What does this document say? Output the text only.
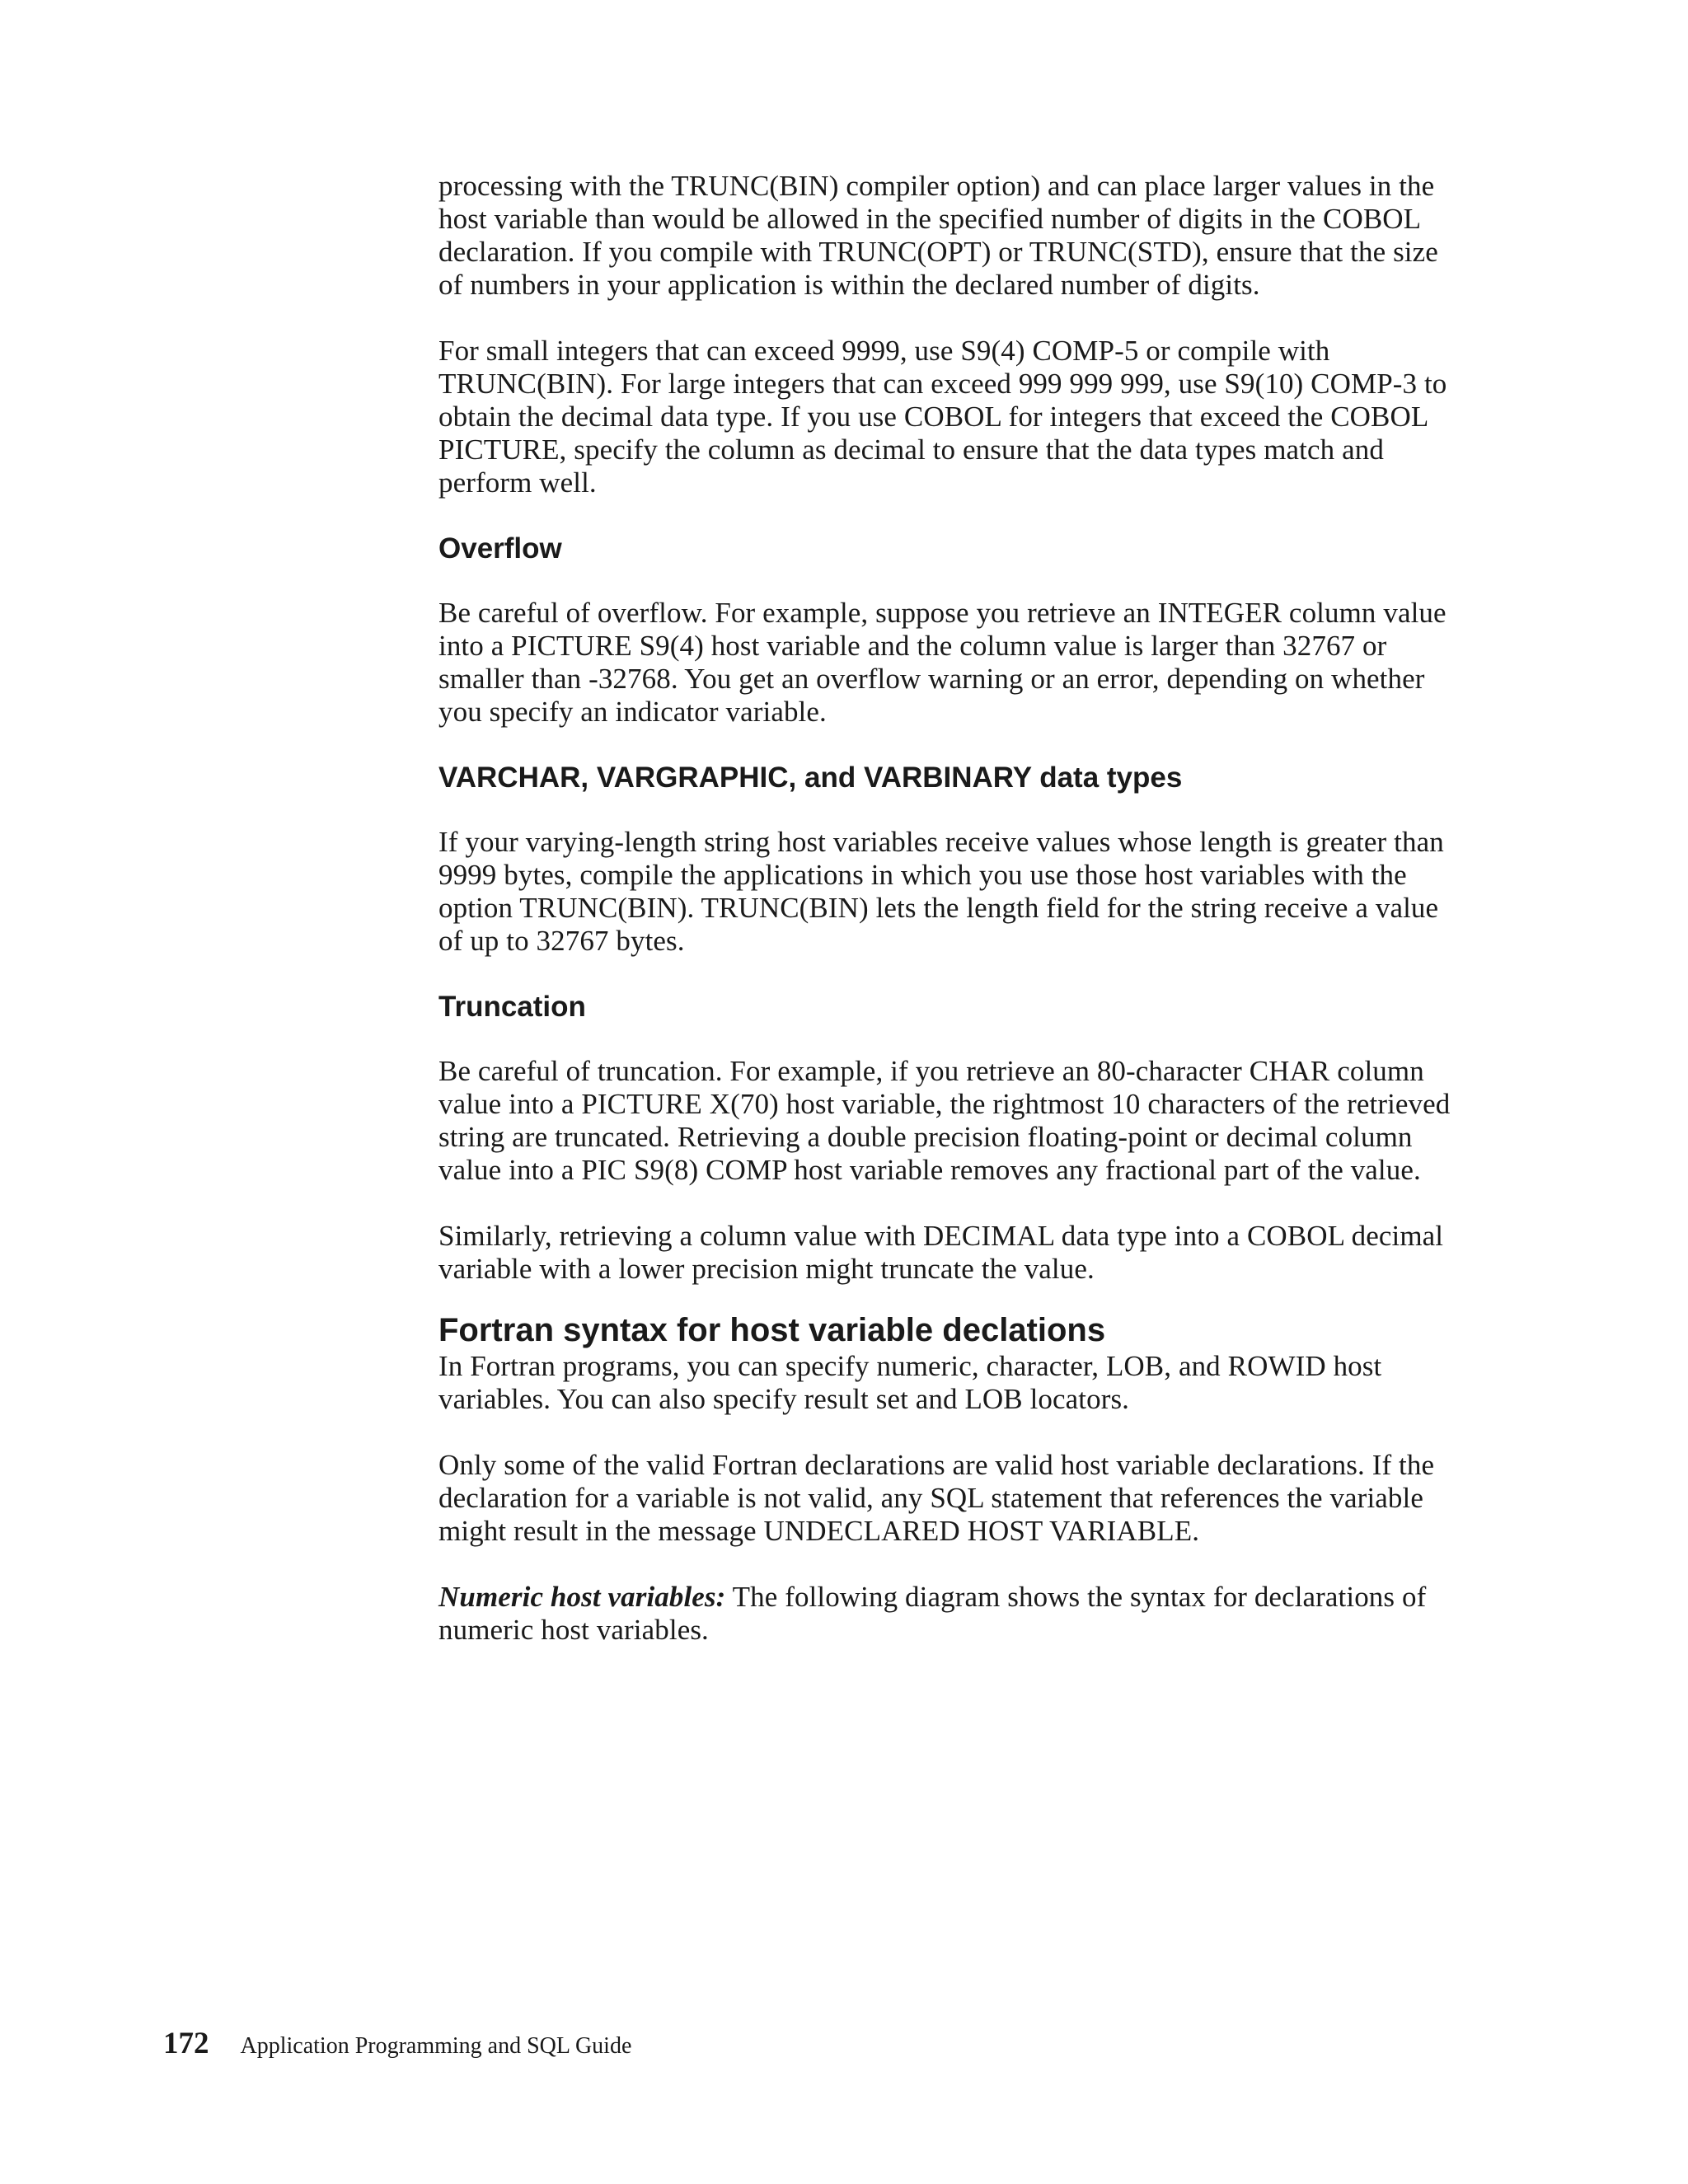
processing with the TRUNC(BIN) compiler option) and can place larger values in the host variable than would be allowed in the specified number of digits in the COBOL declaration. If you compile with TRUNC(OPT) or TRUNC(STD), ensure that the size of numbers in your application is within the declared number of digits.

For small integers that can exceed 9999, use S9(4) COMP-5 or compile with TRUNC(BIN). For large integers that can exceed 999 999 999, use S9(10) COMP-3 to obtain the decimal data type. If you use COBOL for integers that exceed the COBOL PICTURE, specify the column as decimal to ensure that the data types match and perform well.

Overflow

Be careful of overflow. For example, suppose you retrieve an INTEGER column value into a PICTURE S9(4) host variable and the column value is larger than 32767 or smaller than -32768. You get an overflow warning or an error, depending on whether you specify an indicator variable.

VARCHAR, VARGRAPHIC, and VARBINARY data types

If your varying-length string host variables receive values whose length is greater than 9999 bytes, compile the applications in which you use those host variables with the option TRUNC(BIN). TRUNC(BIN) lets the length field for the string receive a value of up to 32767 bytes.

Truncation

Be careful of truncation. For example, if you retrieve an 80-character CHAR column value into a PICTURE X(70) host variable, the rightmost 10 characters of the retrieved string are truncated. Retrieving a double precision floating-point or decimal column value into a PIC S9(8) COMP host variable removes any fractional part of the value.

Similarly, retrieving a column value with DECIMAL data type into a COBOL decimal variable with a lower precision might truncate the value.

Fortran syntax for host variable declations

In Fortran programs, you can specify numeric, character, LOB, and ROWID host variables. You can also specify result set and LOB locators.

Only some of the valid Fortran declarations are valid host variable declarations. If the declaration for a variable is not valid, any SQL statement that references the variable might result in the message UNDECLARED HOST VARIABLE.

Numeric host variables: The following diagram shows the syntax for declarations of numeric host variables.

172 Application Programming and SQL Guide
